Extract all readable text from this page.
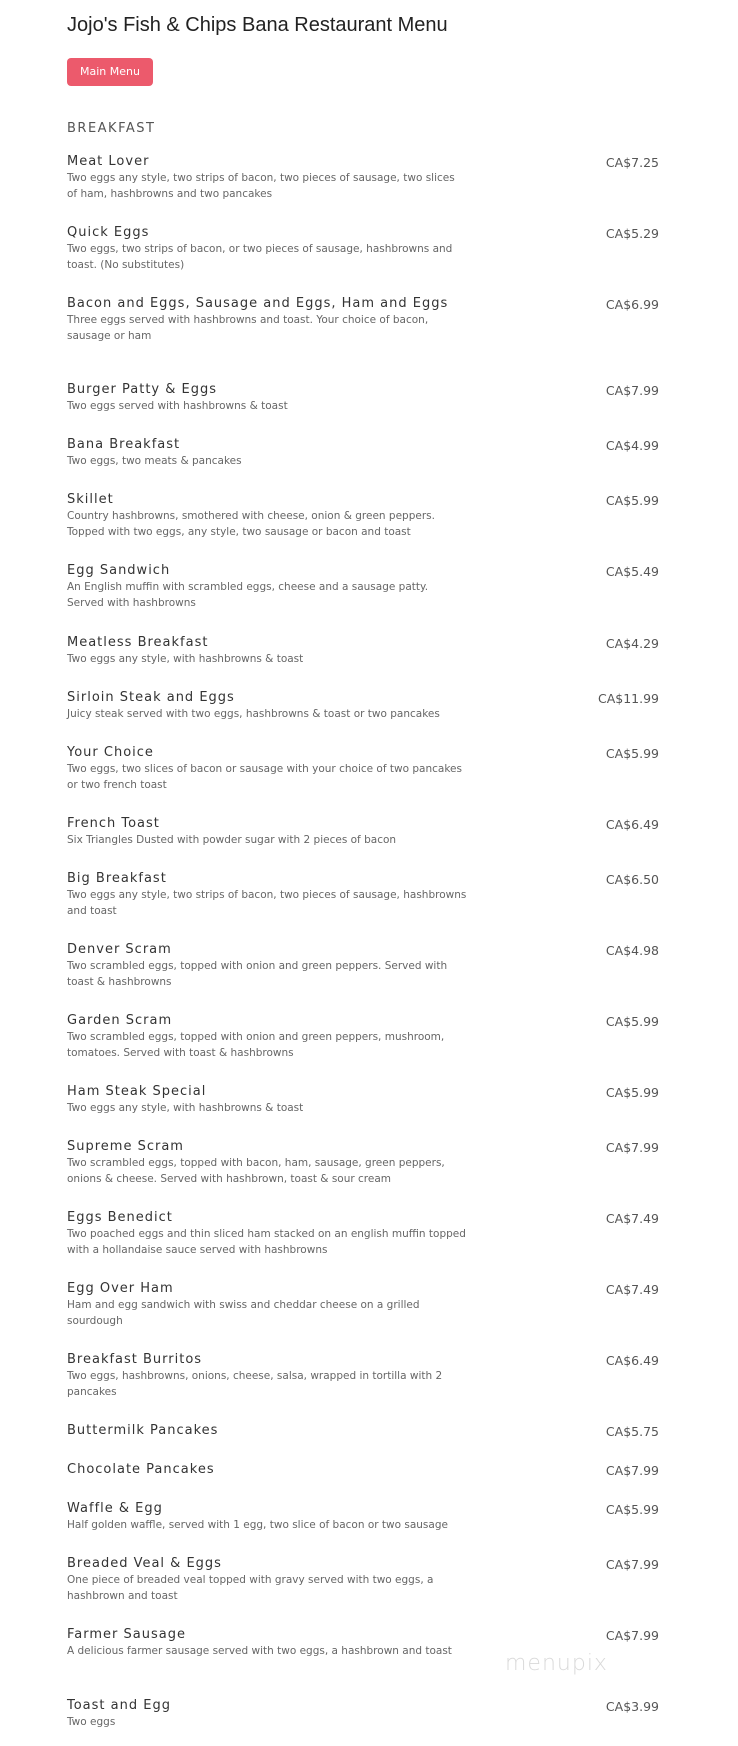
Jojo's Fish & Chips Bana Restaurant Menu
Main Menu
BREAKFAST
Meat Lover
Two eggs any style, two strips of bacon, two pieces of sausage, two slices of ham, hashbrowns and two pancakes
CA$7.25
Quick Eggs
Two eggs, two strips of bacon, or two pieces of sausage, hashbrowns and toast. (No substitutes)
CA$5.29
Bacon and Eggs, Sausage and Eggs, Ham and Eggs
Three eggs served with hashbrowns and toast. Your choice of bacon, sausage or ham
CA$6.99
Burger Patty & Eggs
Two eggs served with hashbrowns & toast
CA$7.99
Bana Breakfast
Two eggs, two meats & pancakes
CA$4.99
Skillet
Country hashbrowns, smothered with cheese, onion & green peppers. Topped with two eggs, any style, two sausage or bacon and toast
CA$5.99
Egg Sandwich
An English muffin with scrambled eggs, cheese and a sausage patty. Served with hashbrowns
CA$5.49
Meatless Breakfast
Two eggs any style, with hashbrowns & toast
CA$4.29
Sirloin Steak and Eggs
Juicy steak served with two eggs, hashbrowns & toast or two pancakes
CA$11.99
Your Choice
Two eggs, two slices of bacon or sausage with your choice of two pancakes or two french toast
CA$5.99
French Toast
Six Triangles Dusted with powder sugar with 2 pieces of bacon
CA$6.49
Big Breakfast
Two eggs any style, two strips of bacon, two pieces of sausage, hashbrowns and toast
CA$6.50
Denver Scram
Two scrambled eggs, topped with onion and green peppers. Served with toast & hashbrowns
CA$4.98
Garden Scram
Two scrambled eggs, topped with onion and green peppers, mushroom, tomatoes. Served with toast & hashbrowns
CA$5.99
Ham Steak Special
Two eggs any style, with hashbrowns & toast
CA$5.99
Supreme Scram
Two scrambled eggs, topped with bacon, ham, sausage, green peppers, onions & cheese. Served with hashbrown, toast & sour cream
CA$7.99
Eggs Benedict
Two poached eggs and thin sliced ham stacked on an english muffin topped with a hollandaise sauce served with hashbrowns
CA$7.49
Egg Over Ham
Ham and egg sandwich with swiss and cheddar cheese on a grilled sourdough
CA$7.49
Breakfast Burritos
Two eggs, hashbrowns, onions, cheese, salsa, wrapped in tortilla with 2 pancakes
CA$6.49
Buttermilk Pancakes	CA$5.75
Chocolate Pancakes	CA$7.99
Waffle & Egg
Half golden waffle, served with 1 egg, two slice of bacon or two sausage
CA$5.99
Breaded Veal & Eggs
One piece of breaded veal topped with gravy served with two eggs, a hashbrown and toast
CA$7.99
Farmer Sausage
A delicious farmer sausage served with two eggs, a hashbrown and toast
CA$7.99
Toast and Egg
Two eggs
CA$3.99
menupix
